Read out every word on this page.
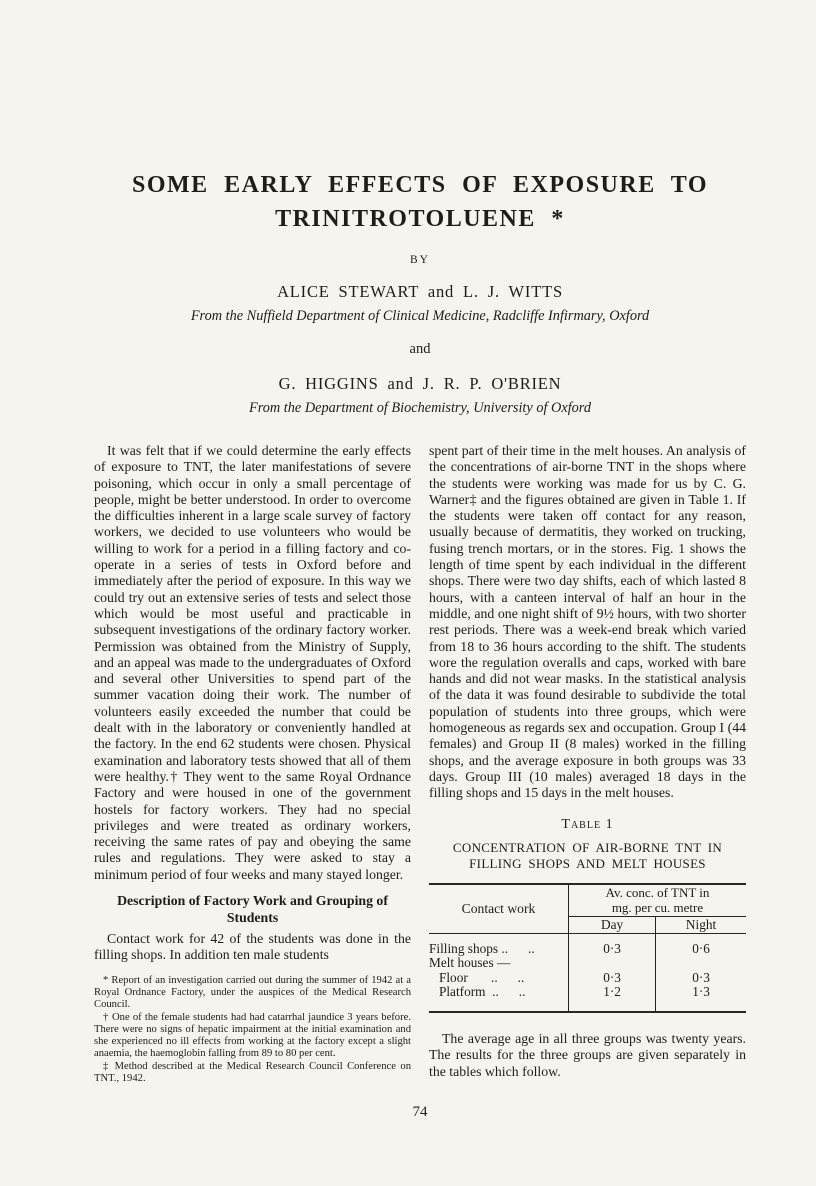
SOME EARLY EFFECTS OF EXPOSURE TO
TRINITROTOLUENE *
BY
ALICE STEWART and L. J. WITTS
From the Nuffield Department of Clinical Medicine, Radcliffe Infirmary, Oxford
and
G. HIGGINS and J. R. P. O'BRIEN
From the Department of Biochemistry, University of Oxford

It was felt that if we could determine the early effects of exposure to TNT, the later manifestations of severe poisoning, which occur in only a small percentage of people, might be better understood. In order to overcome the difficulties inherent in a large scale survey of factory workers, we decided to use volunteers who would be willing to work for a period in a filling factory and co-operate in a series of tests in Oxford before and immediately after the period of exposure. In this way we could try out an extensive series of tests and select those which would be most useful and practicable in subsequent investigations of the ordinary factory worker. Permission was obtained from the Ministry of Supply, and an appeal was made to the undergraduates of Oxford and several other Universities to spend part of the summer vacation doing their work. The number of volunteers easily exceeded the number that could be dealt with in the laboratory or conveniently handled at the factory. In the end 62 students were chosen. Physical examination and laboratory tests showed that all of them were healthy.† They went to the same Royal Ordnance Factory and were housed in one of the government hostels for factory workers. They had no special privileges and were treated as ordinary workers, receiving the same rates of pay and obeying the same rules and regulations. They were asked to stay a minimum period of four weeks and many stayed longer.

Description of Factory Work and Grouping of Students

Contact work for 42 of the students was done in the filling shops. In addition ten male students

* Report of an investigation carried out during the summer of 1942 at a Royal Ordnance Factory, under the auspices of the Medical Research Council.

† One of the female students had had catarrhal jaundice 3 years before. There were no signs of hepatic impairment at the initial examination and she experienced no ill effects from working at the factory except a slight anaemia, the haemoglobin falling from 89 to 80 per cent.

‡ Method described at the Medical Research Council Conference on TNT., 1942.

spent part of their time in the melt houses. An analysis of the concentrations of air-borne TNT in the shops where the students were working was made for us by C. G. Warner‡ and the figures obtained are given in Table 1. If the students were taken off contact for any reason, usually because of dermatitis, they worked on trucking, fusing trench mortars, or in the stores. Fig. 1 shows the length of time spent by each individual in the different shops. There were two day shifts, each of which lasted 8 hours, with a canteen interval of half an hour in the middle, and one night shift of 9½ hours, with two shorter rest periods. There was a week-end break which varied from 18 to 36 hours according to the shift. The students wore the regulation overalls and caps, worked with bare hands and did not wear masks. In the statistical analysis of the data it was found desirable to subdivide the total population of students into three groups, which were homogeneous as regards sex and occupation. Group I (44 females) and Group II (8 males) worked in the filling shops, and the average exposure in both groups was 33 days. Group III (10 males) averaged 18 days in the filling shops and 15 days in the melt houses.

Table 1
CONCENTRATION OF AIR-BORNE TNT IN
FILLING SHOPS AND MELT HOUSES
Contact work	Av. conc. of TNT in
mg. per cu. metre	
	Day	Night
Filling shops ..      ..	0·3	0·6
Melt houses —		
Floor       ..      ..	0·3	0·3
Platform  ..      ..	1·2	1·3

The average age in all three groups was twenty years. The results for the three groups are given separately in the tables which follow.

74
